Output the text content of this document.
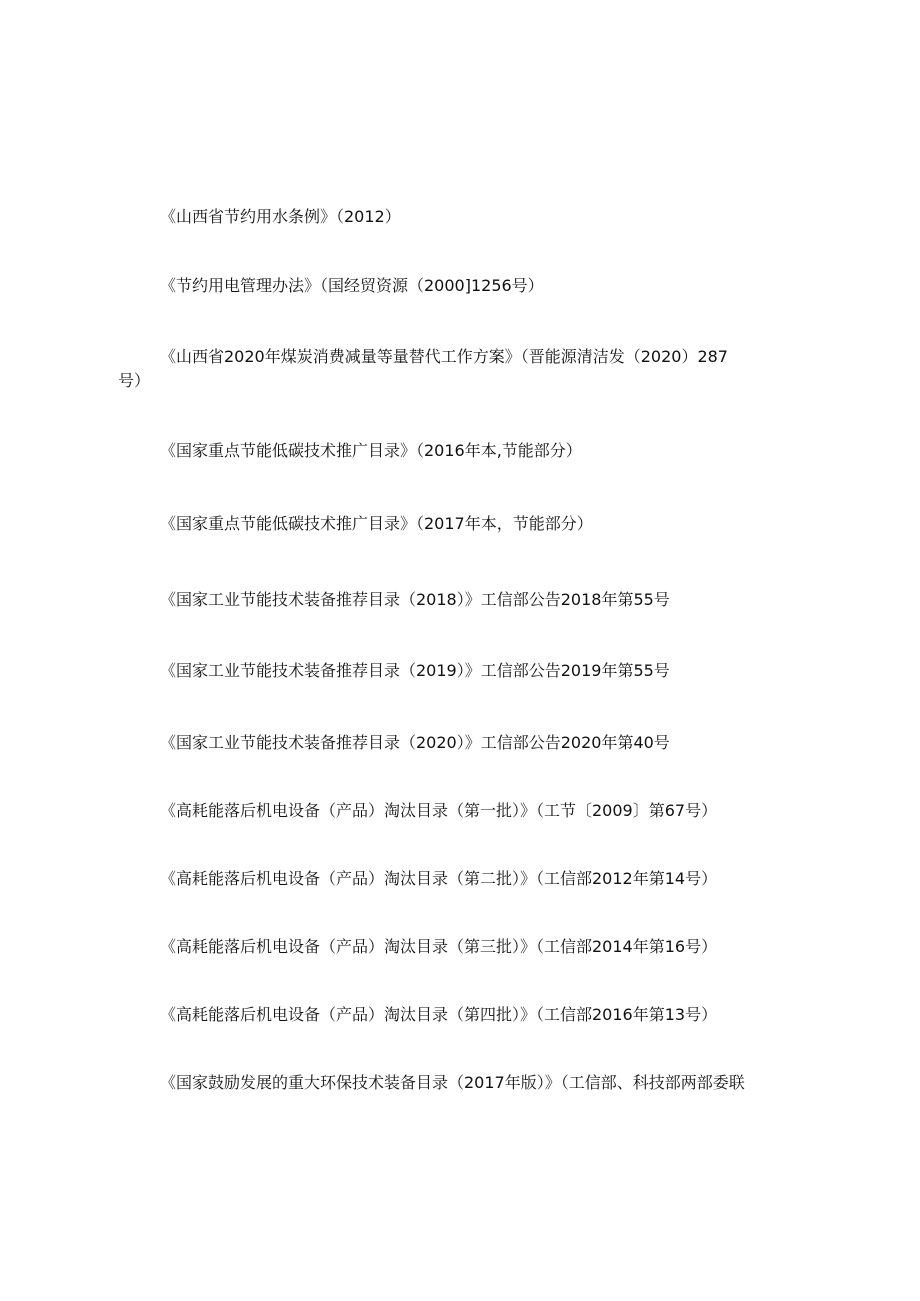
《山西省节约用水条例》（2012）
《节约用电管理办法》（国经贸资源（2000]1256号）
《山西省2020年煤炭消费减量等量替代工作方案》（晋能源清洁发（2020）287
号）
《国家重点节能低碳技术推广目录》（2016年本,节能部分）
《国家重点节能低碳技术推广目录》（2017年本，节能部分）
《国家工业节能技术装备推荐目录（2018）》工信部公告2018年第55号
《国家工业节能技术装备推荐目录（2019）》工信部公告2019年第55号
《国家工业节能技术装备推荐目录（2020）》工信部公告2020年第40号
《高耗能落后机电设备（产品）淘汰目录（第一批）》（工节〔2009〕第67号）
《高耗能落后机电设备（产品）淘汰目录（第二批）》（工信部2012年第14号）
《高耗能落后机电设备（产品）淘汰目录（第三批）》（工信部2014年第16号）
《高耗能落后机电设备（产品）淘汰目录（第四批）》（工信部2016年第13号）
《国家鼓励发展的重大环保技术装备目录（2017年版）》（工信部、科技部两部委联
